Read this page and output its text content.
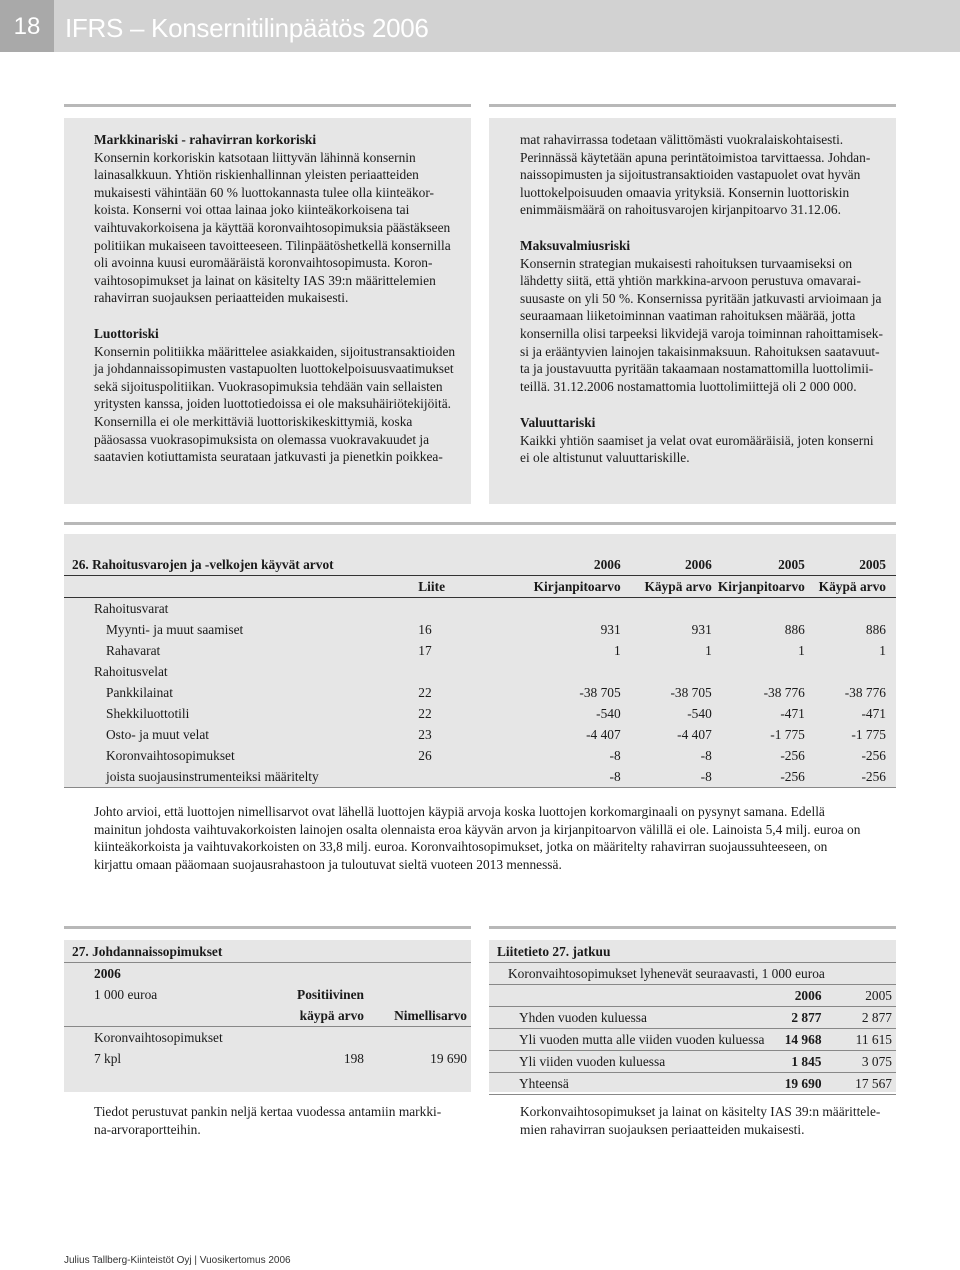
18 IFRS – Konsernitilinpäätös 2006

Markkinariski - rahavirran korkoriski

Konsernin korkoriskin katsotaan liittyvän lähinnä konsernin

lainasalkkuun. Yhtiön riskienhallinnan yleisten periaatteiden

mukaisesti vähintään 60 % luottokannasta tulee olla kiinteäkor-

koista. Konserni voi ottaa lainaa joko kiinteäkorkoisena tai

vaihtuvakorkoisena ja käyttää koronvaihtosopimuksia päästäkseen

politiikan mukaiseen tavoitteeseen. Tilinpäätöshetkellä konsernilla

oli avoinna kuusi euromääräistä koronvaihtosopimusta. Koron-

vaihtosopimukset ja lainat on käsitelty IAS 39:n määrittelemien

rahavirran suojauksen periaatteiden mukaisesti.

Luottoriski

Konsernin politiikka määrittelee asiakkaiden, sijoitustransaktioiden

ja johdannaissopimusten vastapuolten luottokelpoisuusvaatimukset

sekä sijoituspolitiikan. Vuokrasopimuksia tehdään vain sellaisten

yritysten kanssa, joiden luottotiedoissa ei ole maksuhäiriötekijöitä.

Konsernilla ei ole merkittäviä luottoriskikeskittymiä, koska

pääosassa vuokrasopimuksista on olemassa vuokravakuudet ja

saatavien kotiuttamista seurataan jatkuvasti ja pienetkin poikkea-

mat rahavirrassa todetaan välittömästi vuokralaiskohtaisesti.

Perinnässä käytetään apuna perintätoimistoa tarvittaessa. Johdan-

naissopimusten ja sijoitustransaktioiden vastapuolet ovat hyvän

luottokelpoisuuden omaavia yrityksiä. Konsernin luottoriskin

enimmäismäärä on rahoitusvarojen kirjanpitoarvo 31.12.06.

Maksuvalmiusriski

Konsernin strategian mukaisesti rahoituksen turvaamiseksi on

lähdetty siitä, että yhtiön markkina-arvoon perustuva omavarai-

suusaste on yli 50 %. Konsernissa pyritään jatkuvasti arvioimaan ja

seuraamaan liiketoiminnan vaatiman rahoituksen määrää, jotta

konsernilla olisi tarpeeksi likvidejä varoja toiminnan rahoittamisek-

si ja erääntyvien lainojen takaisinmaksuun. Rahoituksen saatavuut-

ta ja joustavuutta pyritään takaamaan nostamattomilla luottolimii-

teillä. 31.12.2006 nostamattomia luottolimiittejä oli 2 000 000.

Valuuttariski

Kaikki yhtiön saamiset ja velat ovat euromääräisiä, joten konserni

ei ole altistunut valuuttariskille.

26. Rahoitusvarojen ja -velkojen käyvät arvot		2006	2006	2005	2005
	Liite	Kirjanpitoarvo	Käypä arvo	Kirjanpitoarvo	Käypä arvo
Rahoitusvarat					
Myynti- ja muut saamiset	16	931	931	886	886
Rahavarat	17	1	1	1	1
Rahoitusvelat					
Pankkilainat	22	-38 705	-38 705	-38 776	-38 776
Shekkiluottotili	22	-540	-540	-471	-471
Osto- ja muut velat	23	-4 407	-4 407	-1 775	-1 775
Koronvaihtosopimukset	26	-8	-8	-256	-256
joista suojausinstrumenteiksi määritelty		-8	-8	-256	-256

Johto arvioi, että luottojen nimellisarvot ovat lähellä luottojen käypiä arvoja koska luottojen korkomarginaali on pysynyt samana. Edellä

mainitun johdosta vaihtuvakorkoisten lainojen osalta olennaista eroa käyvän arvon ja kirjanpitoarvon välillä ei ole. Lainoista 5,4 milj. euroa on

kiinteäkorkoista ja vaihtuvakorkoisten on 33,8 milj. euroa. Koronvaihtosopimukset, jotka on määritelty rahavirran suojaussuhteeseen, on

kirjattu omaan pääomaan suojausrahastoon ja tuloutuvat sieltä vuoteen 2013 mennessä.

27. Johdannaissopimukset		
2006		
1 000 euroa	Positiivinen	
	käypä arvo	Nimellisarvo
Koronvaihtosopimukset		
7 kpl	198	19 690
Liitetieto 27. jatkuu		
Koronvaihtosopimukset lyhenevät seuraavasti, 1 000 euroa		
	2006	2005
Yhden vuoden kuluessa	2 877	2 877
Yli vuoden mutta alle viiden vuoden kuluessa	14 968	11 615
Yli viiden vuoden kuluessa	1 845	3 075
Yhteensä	19 690	17 567

Tiedot perustuvat pankin neljä kertaa vuodessa antamiin markki-

na-arvoraportteihin.

Korkonvaihtosopimukset ja lainat on käsitelty IAS 39:n määrittele-

mien rahavirran suojauksen periaatteiden mukaisesti.

Julius Tallberg-Kiinteistöt Oyj | Vuosikertomus 2006
